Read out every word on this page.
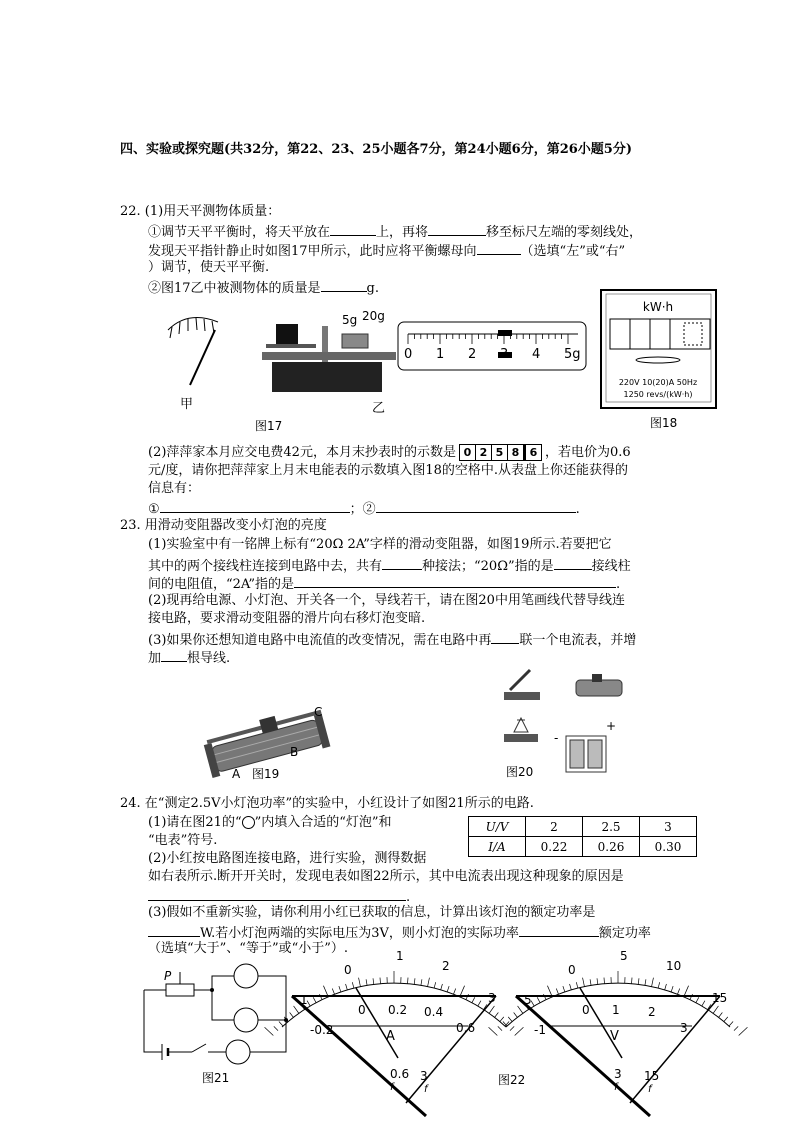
四、实验或探究题(共32分，第22、23、25小题各7分，第24小题6分，第26小题5分)
22. (1)用天平测物体质量：
①调节天平平衡时，将天平放在	上，再将	移至标尺左端的零刻线处，
发现天平指针静止时如图17甲所示，此时应将平衡螺母向	（选填“左”或“右”
）调节，使天平平衡.
②图17乙中被测物体的质量是	g.
甲
5g 20g
乙
图17
0 1 2 3 4 5g
kW·h
220V 10(20)A 50Hz
1250 revs/(kW·h)
图18
(2)萍萍家本月应交电费42元，本月末抄表时的示数是 0 2 5 8 6 ，若电价为0.6
元/度，请你把萍萍家上月末电能表的示数填入图18的空格中.从表盘上你还能获得的
信息有：
①	；②	.
23. 用滑动变阻器改变小灯泡的亮度
(1)实验室中有一铭牌上标有“20Ω 2A”字样的滑动变阻器，如图19所示.若要把它
其中的两个接线柱连接到电路中去，共有	种接法；“20Ω”指的是	接线柱
间的电阻值，“2A”指的是	.
(2)现再给电源、小灯泡、开关各一个，导线若干，请在图20中用笔画线代替导线连
接电路，要求滑动变阻器的滑片向右移灯泡变暗.
(3)如果你还想知道电路中电流值的改变情况，需在电路中再 联一个电流表，并增
加 根导线.
A
B
C
图19
-
+
图20
24. 在“测定2.5V小灯泡功率”的实验中，小红设计了如图21所示的电路.
(1)请在图21的“ ”内填入合适的“灯泡”和
“电表”符号.
(2)小红按电路图连接电路，进行实验，测得数据
如右表所示.断开开关时，发现电表如图22所示，其中电流表出现这种现象的原因是
.
(3)假如不重新实验，请你利用小红已获取的信息，计算出该灯泡的额定功率是
W.若小灯泡两端的实际电压为3V，则小灯泡的实际功率	额定功率
（选填“大于”、“等于”或“小于”）.
U/V	2	2.5	3
I/A	0.22	0.26	0.30
P
图21
0
1
2
3
0 0.2 0.4
0.6
-0.2
1
A
0.6 3
f	f
0
5
10
15
0 1 2
3
-1
5
V
3 15
f	f
图22
